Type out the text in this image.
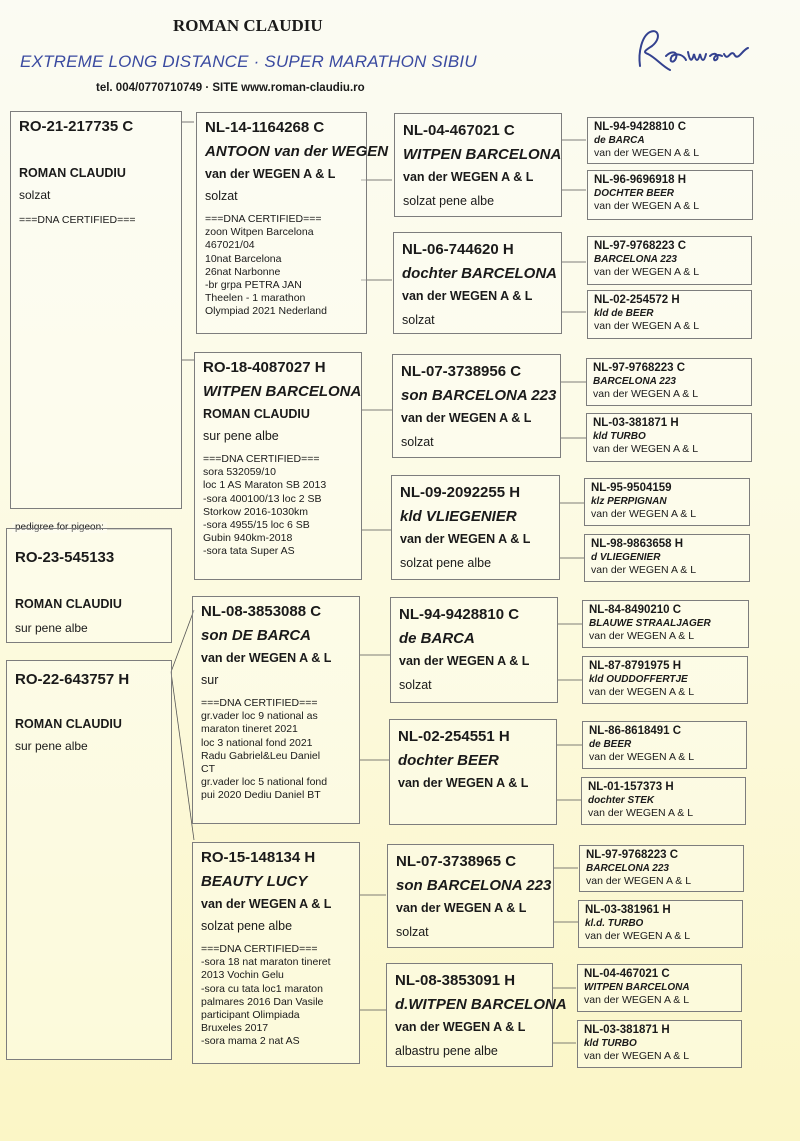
ROMAN CLAUDIU
EXTREME LONG DISTANCE · SUPER MARATHON SIBIU
tel. 004/0770710749 · SITE www.roman-claudiu.ro
RO-21-217735 C
ROMAN CLAUDIU
solzat
===DNA CERTIFIED===
pedigree for pigeon:
RO-23-545133
ROMAN CLAUDIU
sur pene albe
RO-22-643757 H
ROMAN CLAUDIU
sur pene albe
NL-14-1164268 C
ANTOON van der WEGEN
van der WEGEN A & L
solzat
===DNA CERTIFIED===
zoon Witpen Barcelona
467021/04
10nat Barcelona
26nat Narbonne
-br grpa PETRA JAN
Theelen - 1 marathon
Olympiad 2021 Nederland
RO-18-4087027 H
WITPEN BARCELONA
ROMAN CLAUDIU
sur pene albe
===DNA CERTIFIED===
sora 532059/10
loc 1 AS Maraton SB 2013
-sora 400100/13 loc 2 SB
Storkow 2016-1030km
-sora 4955/15 loc 6 SB
Gubin 940km-2018
-sora tata Super AS
NL-08-3853088 C
son DE BARCA
van der WEGEN A & L
sur
===DNA CERTIFIED===
gr.vader loc 9 national as
maraton tineret 2021
loc 3 national fond 2021
Radu Gabriel&Leu Daniel
CT
gr.vader loc 5 national fond
pui 2020 Dediu Daniel BT
RO-15-148134 H
BEAUTY LUCY
van der WEGEN A & L
solzat pene albe
===DNA CERTIFIED===
-sora 18 nat maraton tineret
2013 Vochin Gelu
-sora cu tata loc1 maraton
palmares 2016 Dan Vasile
participant Olimpiada
Bruxeles 2017
-sora mama 2 nat AS
NL-04-467021 C
WITPEN BARCELONA
van der WEGEN A & L
solzat pene albe
NL-06-744620 H
dochter BARCELONA
van der WEGEN A & L
solzat
NL-07-3738956 C
son BARCELONA 223
van der WEGEN A & L
solzat
NL-09-2092255 H
kld VLIEGENIER
van der WEGEN A & L
solzat pene albe
NL-94-9428810 C
de BARCA
van der WEGEN A & L
solzat
NL-02-254551 H
dochter BEER
van der WEGEN A & L
NL-07-3738965 C
son BARCELONA 223
van der WEGEN A & L
solzat
NL-08-3853091 H
d.WITPEN BARCELONA
van der WEGEN A & L
albastru pene albe
NL-94-9428810 C
de BARCA
van der WEGEN A & L
NL-96-9696918 H
DOCHTER BEER
van der WEGEN A & L
NL-97-9768223 C
BARCELONA 223
van der WEGEN A & L
NL-02-254572 H
kld de BEER
van der WEGEN A & L
NL-97-9768223 C
BARCELONA 223
van der WEGEN A & L
NL-03-381871 H
kld TURBO
van der WEGEN A & L
NL-95-9504159
klz PERPIGNAN
van der WEGEN A & L
NL-98-9863658 H
d VLIEGENIER
van der WEGEN A & L
NL-84-8490210 C
BLAUWE STRAALJAGER
van der WEGEN A & L
NL-87-8791975 H
kld OUDDOFFERTJE
van der WEGEN A & L
NL-86-8618491 C
de BEER
van der WEGEN A & L
NL-01-157373 H
dochter STEK
van der WEGEN A & L
NL-97-9768223 C
BARCELONA 223
van der WEGEN A & L
NL-03-381961 H
kl.d. TURBO
van der WEGEN A & L
NL-04-467021 C
WITPEN BARCELONA
van der WEGEN A & L
NL-03-381871 H
kld TURBO
van der WEGEN A & L
